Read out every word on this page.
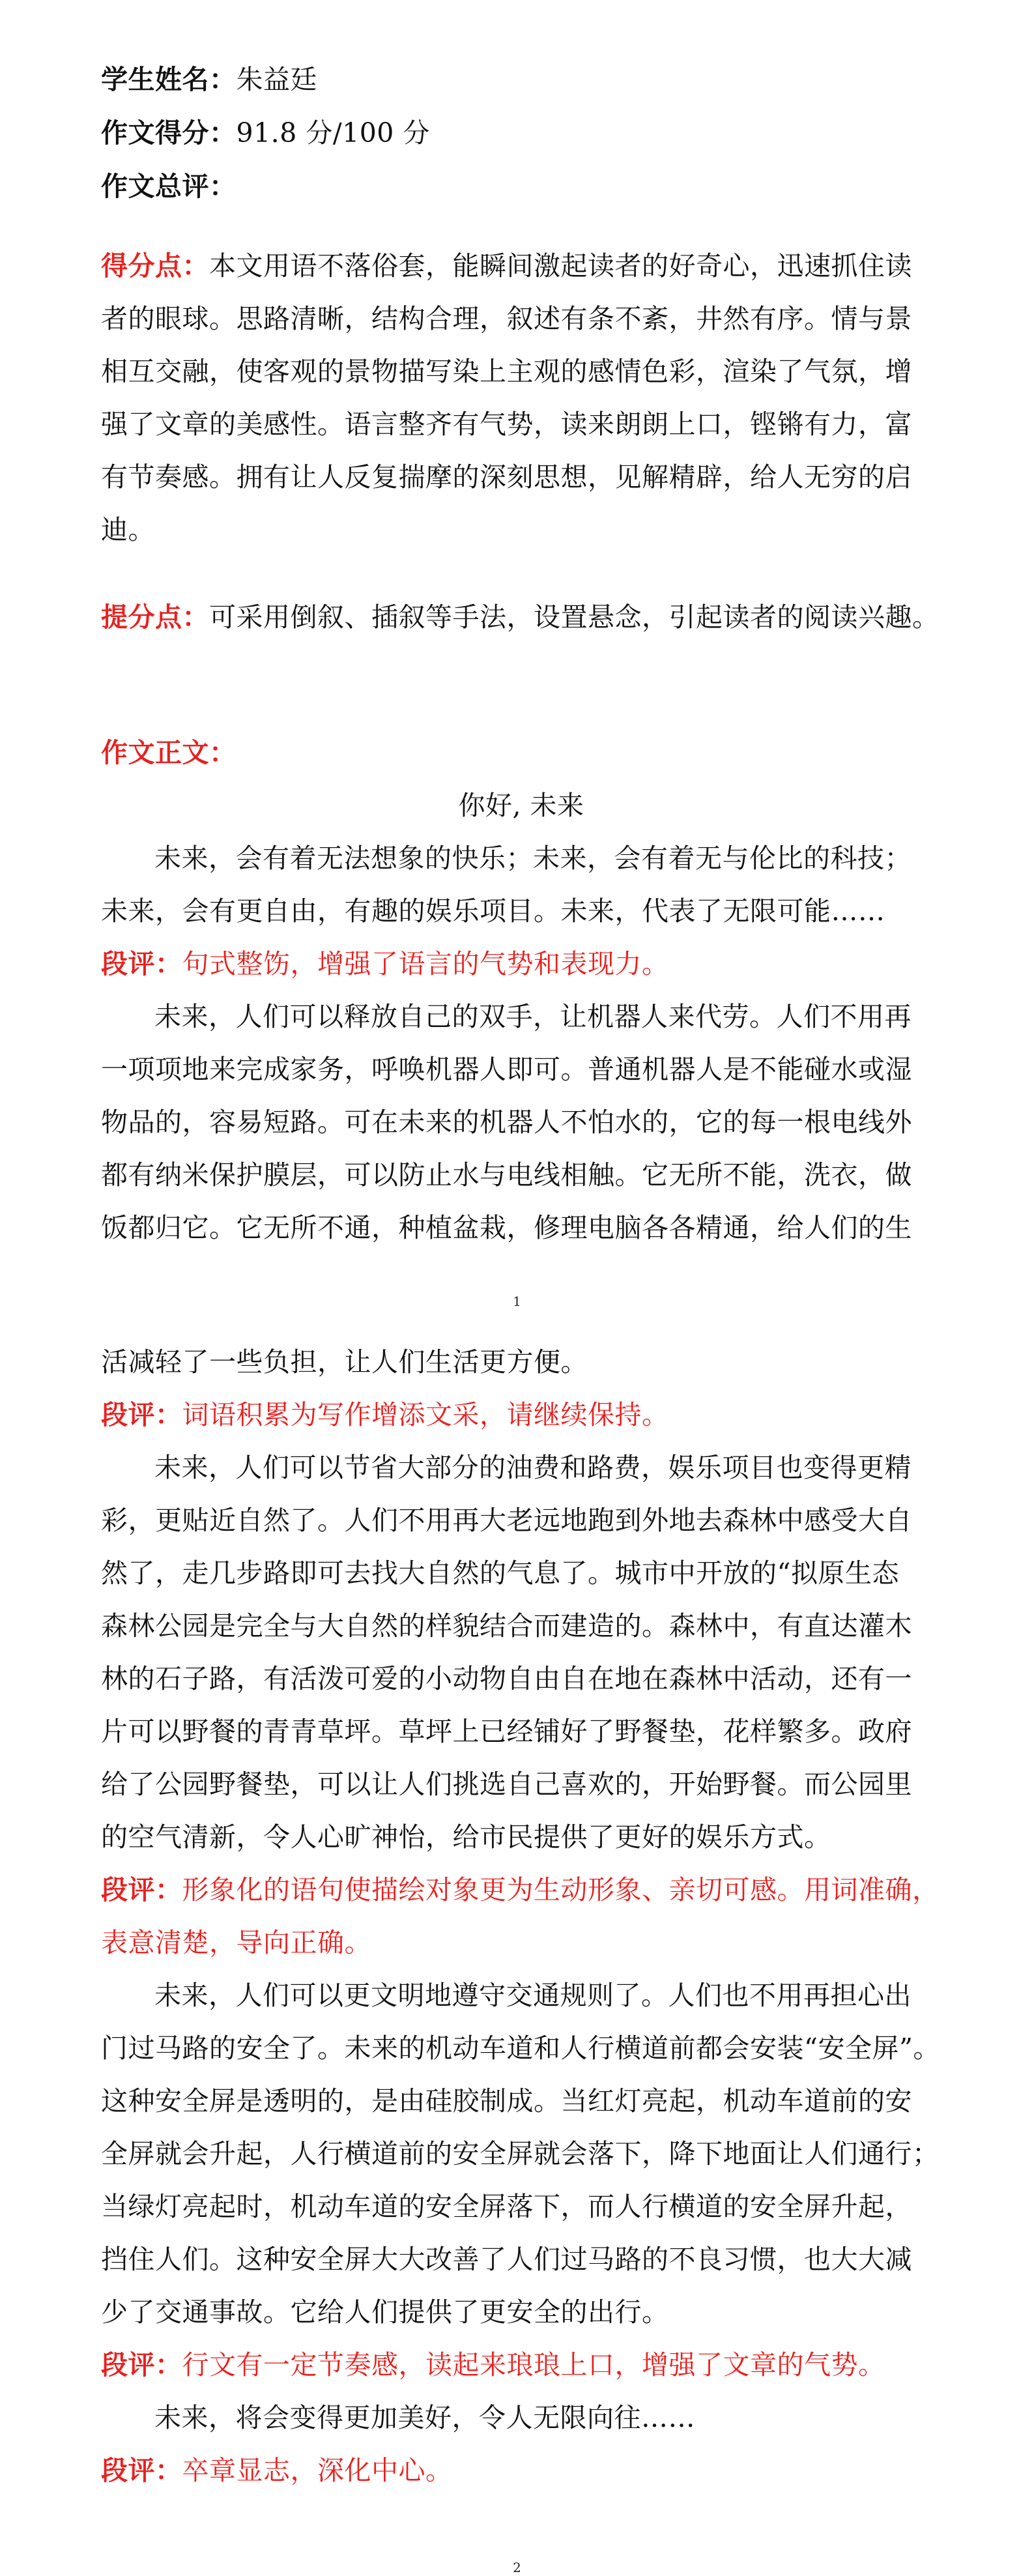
学生姓名：朱益廷
作文得分：91.8 分/100 分
作文总评：
得分点：本文用语不落俗套，能瞬间激起读者的好奇心，迅速抓住读
者的眼球。思路清晰，结构合理，叙述有条不紊，井然有序。情与景
相互交融，使客观的景物描写染上主观的感情色彩，渲染了气氛，增
强了文章的美感性。语言整齐有气势，读来朗朗上口，铿锵有力，富
有节奏感。拥有让人反复揣摩的深刻思想，见解精辟，给人无穷的启
迪。
提分点：可采用倒叙、插叙等手法，设置悬念，引起读者的阅读兴趣。
作文正文：
你好, 未来
未来，会有着无法想象的快乐；未来，会有着无与伦比的科技；
未来，会有更自由，有趣的娱乐项目。未来，代表了无限可能……
段评：句式整饬，增强了语言的气势和表现力。
未来，人们可以释放自己的双手，让机器人来代劳。人们不用再
一项项地来完成家务，呼唤机器人即可。普通机器人是不能碰水或湿
物品的，容易短路。可在未来的机器人不怕水的，它的每一根电线外
都有纳米保护膜层，可以防止水与电线相触。它无所不能，洗衣，做
饭都归它。它无所不通，种植盆栽，修理电脑各各精通，给人们的生
1
活减轻了一些负担，让人们生活更方便。
段评：词语积累为写作增添文采，请继续保持。
未来，人们可以节省大部分的油费和路费，娱乐项目也变得更精
彩，更贴近自然了。人们不用再大老远地跑到外地去森林中感受大自
然了，走几步路即可去找大自然的气息了。城市中开放的“拟原生态
森林公园是完全与大自然的样貌结合而建造的。森林中，有直达灌木
林的石子路，有活泼可爱的小动物自由自在地在森林中活动，还有一
片可以野餐的青青草坪。草坪上已经铺好了野餐垫，花样繁多。政府
给了公园野餐垫，可以让人们挑选自己喜欢的，开始野餐。而公园里
的空气清新，令人心旷神怡，给市民提供了更好的娱乐方式。
段评：形象化的语句使描绘对象更为生动形象、亲切可感。用词准确，
表意清楚，导向正确。
未来，人们可以更文明地遵守交通规则了。人们也不用再担心出
门过马路的安全了。未来的机动车道和人行横道前都会安装“安全屏”。
这种安全屏是透明的，是由硅胶制成。当红灯亮起，机动车道前的安
全屏就会升起，人行横道前的安全屏就会落下，降下地面让人们通行；
当绿灯亮起时，机动车道的安全屏落下，而人行横道的安全屏升起，
挡住人们。这种安全屏大大改善了人们过马路的不良习惯，也大大减
少了交通事故。它给人们提供了更安全的出行。
段评：行文有一定节奏感，读起来琅琅上口，增强了文章的气势。
未来，将会变得更加美好，令人无限向往……
段评：卒章显志，深化中心。
2
